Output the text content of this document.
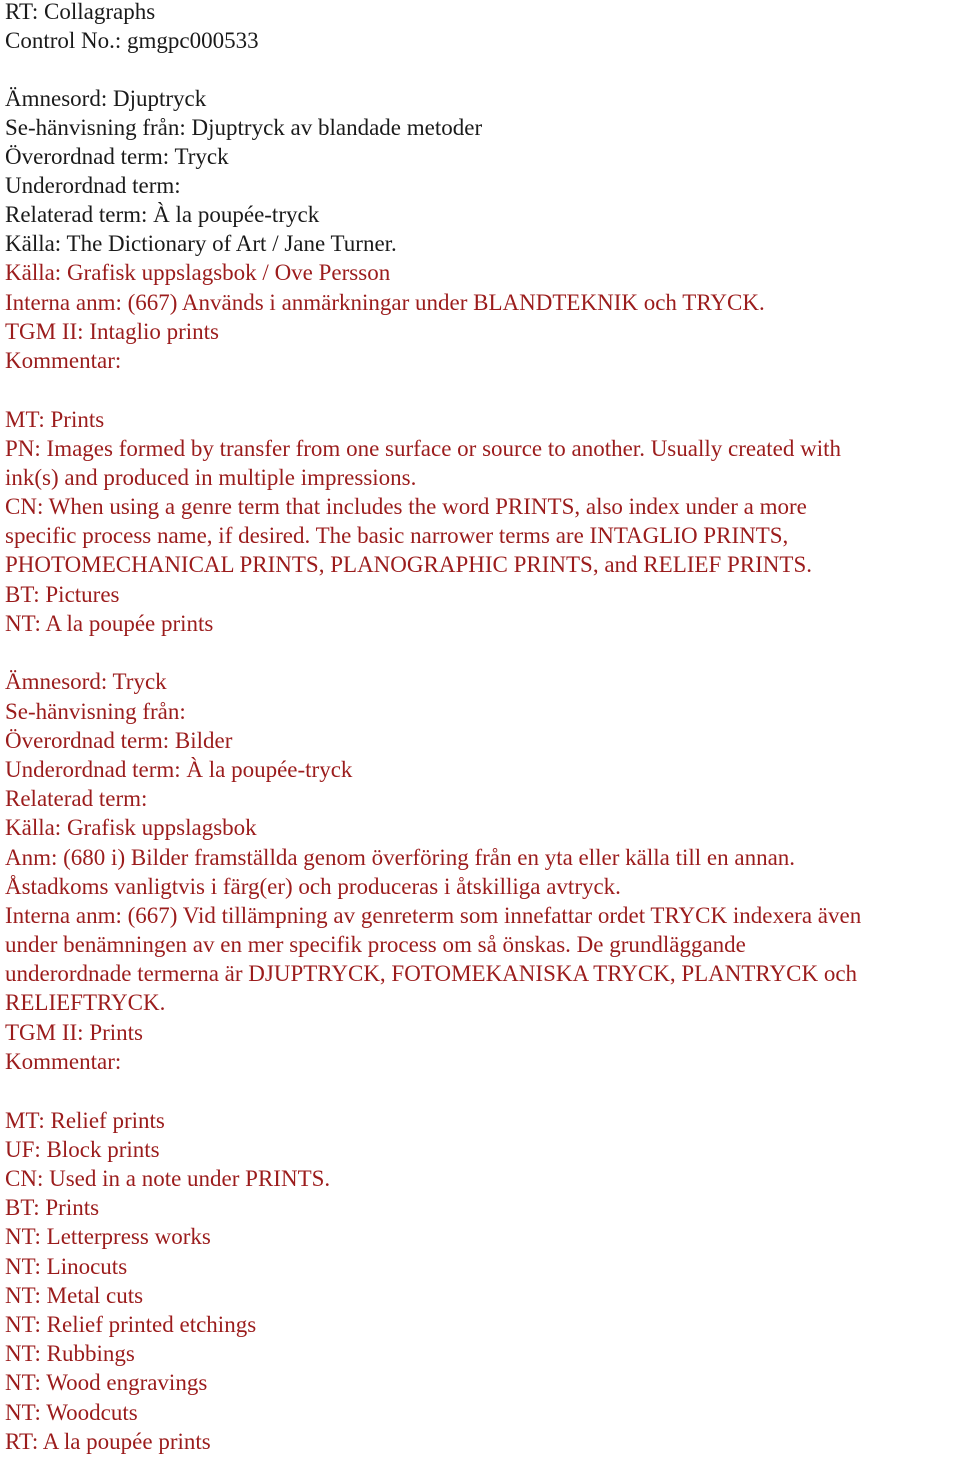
RT: Collagraphs
Control No.: gmgpc000533
Ämnesord: Djuptryck
Se-hänvisning från: Djuptryck av blandade metoder
Överordnad term: Tryck
Underordnad term:
Relaterad term: À la poupée-tryck
Källa: The Dictionary of Art / Jane Turner.
Källa: Grafisk uppslagsbok / Ove Persson
Interna anm: (667) Används i anmärkningar under BLANDTEKNIK och TRYCK.
TGM II: Intaglio prints
Kommentar:
MT: Prints
PN: Images formed by transfer from one surface or source to another. Usually created with
ink(s) and produced in multiple impressions.
CN: When using a genre term that includes the word PRINTS, also index under a more
specific process name, if desired. The basic narrower terms are INTAGLIO PRINTS,
PHOTOMECHANICAL PRINTS, PLANOGRAPHIC PRINTS, and RELIEF PRINTS.
BT: Pictures
NT: A la poupée prints
Ämnesord: Tryck
Se-hänvisning från:
Överordnad term: Bilder
Underordnad term: À la poupée-tryck
Relaterad term:
Källa: Grafisk uppslagsbok
Anm: (680 i) Bilder framställda genom överföring från en yta eller källa till en annan.
Åstadkoms vanligtvis i färg(er) och produceras i åtskilliga avtryck.
Interna anm: (667) Vid tillämpning av genreterm som innefattar ordet TRYCK indexera även
under benämningen av en mer specifik process om så önskas. De grundläggande
underordnade termerna är DJUPTRYCK, FOTOMEKANISKA TRYCK, PLANTRYCK och
RELIEFTRYCK.
TGM II: Prints
Kommentar:
MT: Relief prints
UF: Block prints
CN: Used in a note under PRINTS.
BT: Prints
NT: Letterpress works
NT: Linocuts
NT: Metal cuts
NT: Relief printed etchings
NT: Rubbings
NT: Wood engravings
NT: Woodcuts
RT: A la poupée prints
